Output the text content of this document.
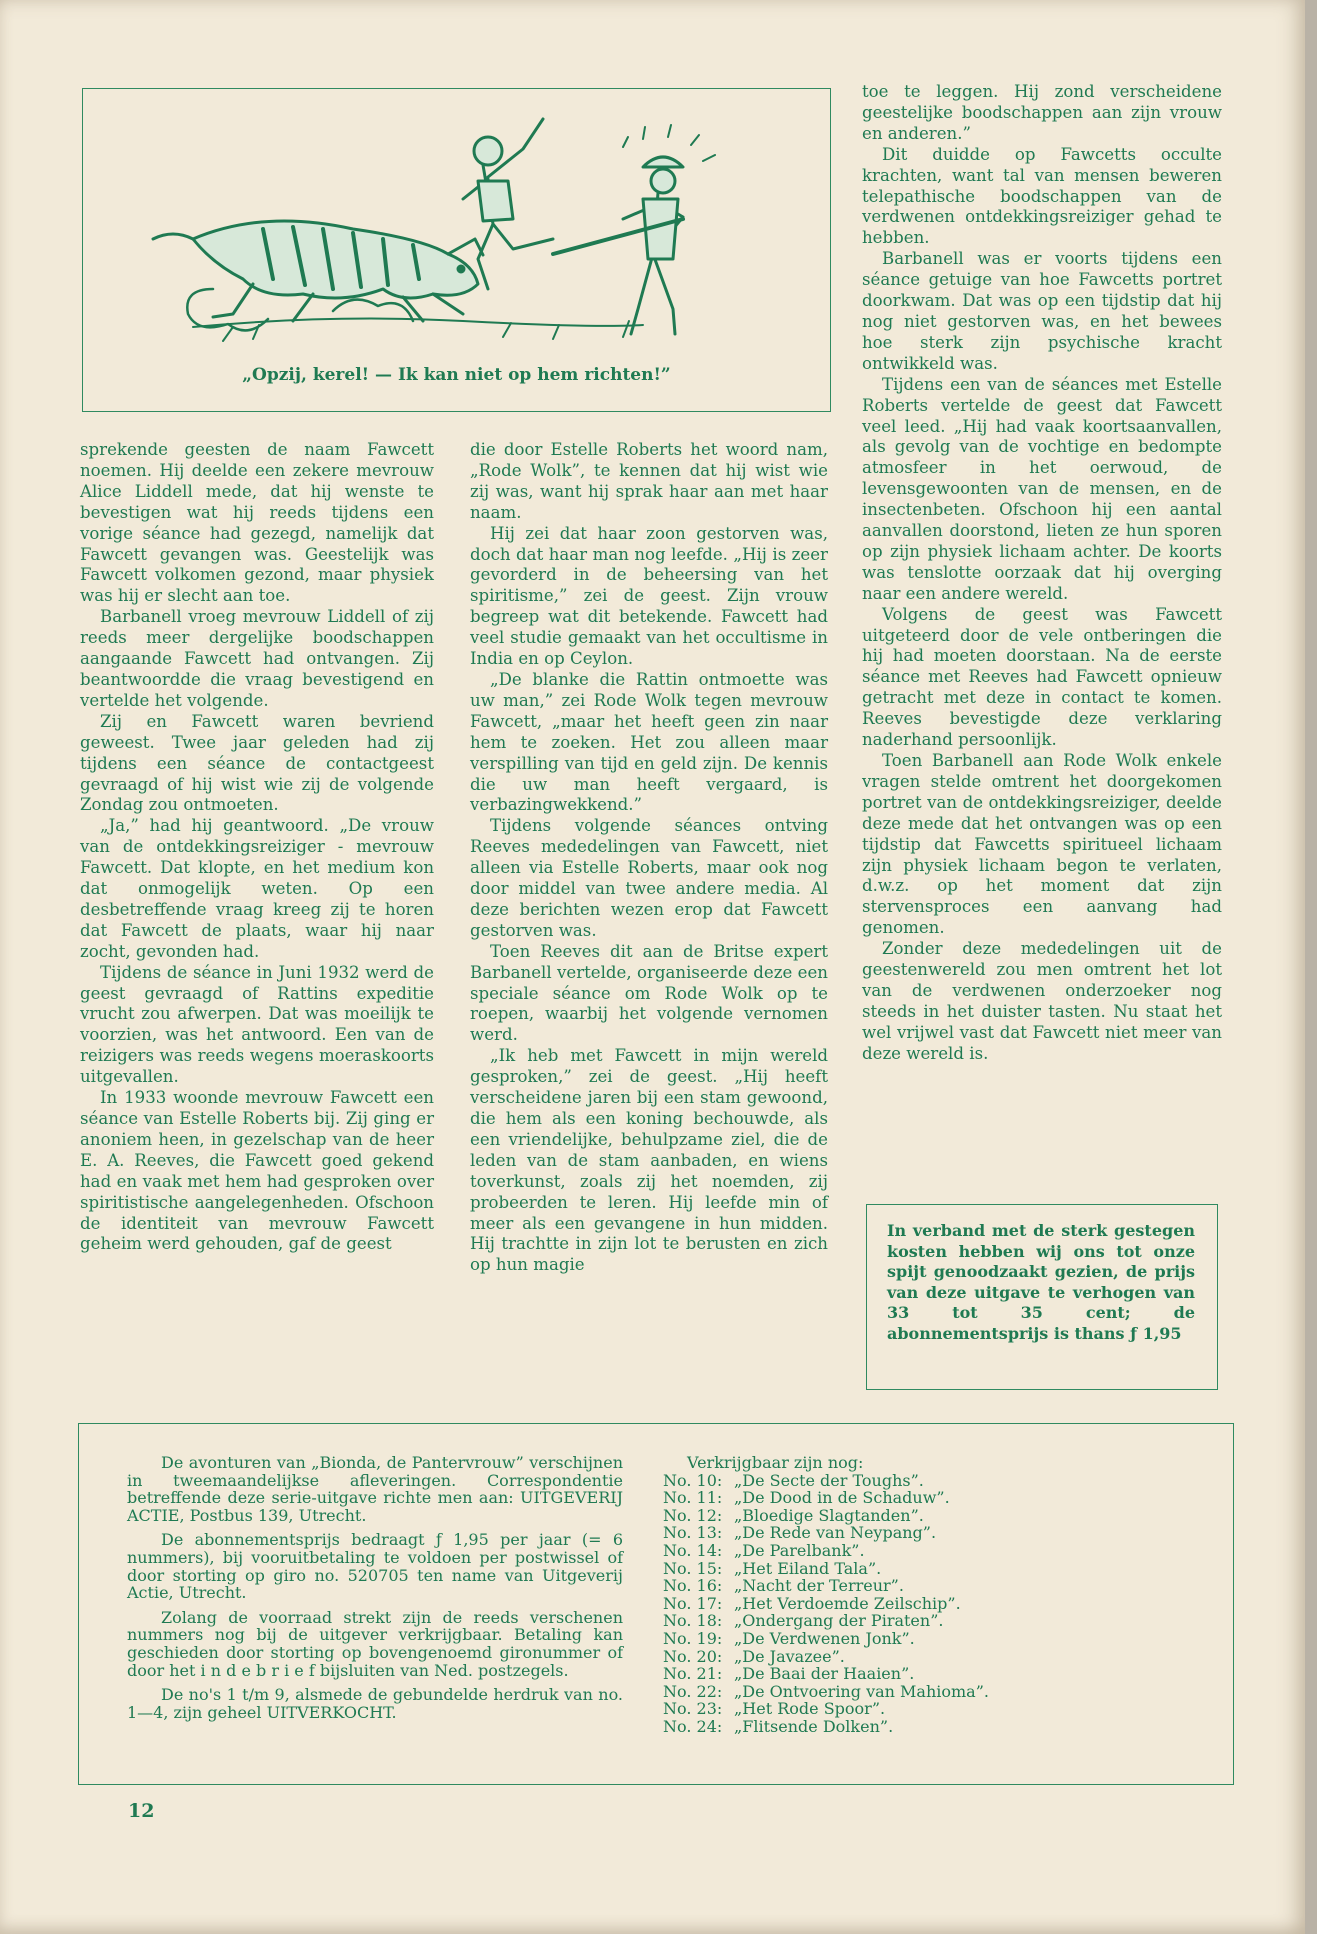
„Opzij, kerel! — Ik kan niet op hem richten!”

sprekende geesten de naam Fawcett noemen. Hij deelde een zekere mevrouw Alice Liddell mede, dat hij wenste te bevestigen wat hij reeds tijdens een vorige séance had gezegd, namelijk dat Fawcett gevangen was. Geestelijk was Fawcett volkomen gezond, maar physiek was hij er slecht aan toe.

Barbanell vroeg mevrouw Liddell of zij reeds meer dergelijke boodschappen aangaande Fawcett had ontvangen. Zij beantwoordde die vraag bevestigend en vertelde het volgende.

Zij en Fawcett waren bevriend geweest. Twee jaar geleden had zij tijdens een séance de contactgeest gevraagd of hij wist wie zij de volgende Zondag zou ontmoeten.

„Ja,” had hij geantwoord. „De vrouw van de ontdekkingsreiziger - mevrouw Fawcett. Dat klopte, en het medium kon dat onmogelijk weten. Op een desbetreffende vraag kreeg zij te horen dat Fawcett de plaats, waar hij naar zocht, gevonden had.

Tijdens de séance in Juni 1932 werd de geest gevraagd of Rattins expeditie vrucht zou afwerpen. Dat was moeilijk te voorzien, was het antwoord. Een van de reizigers was reeds wegens moeraskoorts uitgevallen.

In 1933 woonde mevrouw Fawcett een séance van Estelle Roberts bij. Zij ging er anoniem heen, in gezelschap van de heer E. A. Reeves, die Fawcett goed gekend had en vaak met hem had gesproken over spiritistische aangelegenheden. Ofschoon de identiteit van mevrouw Fawcett geheim werd gehouden, gaf de geest

die door Estelle Roberts het woord nam, „Rode Wolk”, te kennen dat hij wist wie zij was, want hij sprak haar aan met haar naam.

Hij zei dat haar zoon gestorven was, doch dat haar man nog leefde. „Hij is zeer gevorderd in de beheersing van het spiritisme,” zei de geest. Zijn vrouw begreep wat dit betekende. Fawcett had veel studie gemaakt van het occultisme in India en op Ceylon.

„De blanke die Rattin ontmoette was uw man,” zei Rode Wolk tegen mevrouw Fawcett, „maar het heeft geen zin naar hem te zoeken. Het zou alleen maar verspilling van tijd en geld zijn. De kennis die uw man heeft vergaard, is verbazingwekkend.”

Tijdens volgende séances ontving Reeves mededelingen van Fawcett, niet alleen via Estelle Roberts, maar ook nog door middel van twee andere media. Al deze berichten wezen erop dat Fawcett gestorven was.

Toen Reeves dit aan de Britse expert Barbanell vertelde, organiseerde deze een speciale séance om Rode Wolk op te roepen, waarbij het volgende vernomen werd.

„Ik heb met Fawcett in mijn wereld gesproken,” zei de geest. „Hij heeft verscheidene jaren bij een stam gewoond, die hem als een koning bechouwde, als een vriendelijke, behulpzame ziel, die de leden van de stam aanbaden, en wiens toverkunst, zoals zij het noemden, zij probeerden te leren. Hij leefde min of meer als een gevangene in hun midden. Hij trachtte in zijn lot te berusten en zich op hun magie

toe te leggen. Hij zond verscheidene geestelijke boodschappen aan zijn vrouw en anderen.”

Dit duidde op Fawcetts occulte krachten, want tal van mensen beweren telepathische boodschappen van de verdwenen ontdekkingsreiziger gehad te hebben.

Barbanell was er voorts tijdens een séance getuige van hoe Fawcetts portret doorkwam. Dat was op een tijdstip dat hij nog niet gestorven was, en het bewees hoe sterk zijn psychische kracht ontwikkeld was.

Tijdens een van de séances met Estelle Roberts vertelde de geest dat Fawcett veel leed. „Hij had vaak koortsaanvallen, als gevolg van de vochtige en bedompte atmosfeer in het oerwoud, de levensgewoonten van de mensen, en de insectenbeten. Ofschoon hij een aantal aanvallen doorstond, lieten ze hun sporen op zijn physiek lichaam achter. De koorts was tenslotte oorzaak dat hij overging naar een andere wereld.

Volgens de geest was Fawcett uitgeteerd door de vele ontberingen die hij had moeten doorstaan. Na de eerste séance met Reeves had Fawcett opnieuw getracht met deze in contact te komen. Reeves bevestigde deze verklaring naderhand persoonlijk.

Toen Barbanell aan Rode Wolk enkele vragen stelde omtrent het doorgekomen portret van de ontdekkingsreiziger, deelde deze mede dat het ontvangen was op een tijdstip dat Fawcetts spiritueel lichaam zijn physiek lichaam begon te verlaten, d.w.z. op het moment dat zijn stervensproces een aanvang had genomen.

Zonder deze mededelingen uit de geestenwereld zou men omtrent het lot van de verdwenen onderzoeker nog steeds in het duister tasten. Nu staat het wel vrijwel vast dat Fawcett niet meer van deze wereld is.

In verband met de sterk gestegen kosten hebben wij ons tot onze spijt genoodzaakt gezien, de prijs van deze uitgave te verhogen van 33 tot 35 cent; de abonnementsprijs is thans ƒ 1,95

De avonturen van „Bionda, de Pantervrouw” verschijnen in tweemaandelijkse afleveringen. Correspondentie betreffende deze serie-uitgave richte men aan: UITGEVERIJ ACTIE, Postbus 139, Utrecht.

De abonnementsprijs bedraagt ƒ 1,95 per jaar (= 6 nummers), bij vooruitbetaling te voldoen per postwissel of door storting op giro no. 520705 ten name van Uitgeverij Actie, Utrecht.

Zolang de voorraad strekt zijn de reeds verschenen nummers nog bij de uitgever verkrijgbaar. Betaling kan geschieden door storting op bovengenoemd gironummer of door het i n d e b r i e f bijsluiten van Ned. postzegels.

De no's 1 t/m 9, alsmede de gebundelde herdruk van no. 1—4, zijn geheel UITVERKOCHT.

Verkrijgbaar zijn nog:
No. 10: „De Secte der Toughs”.
No. 11: „De Dood in de Schaduw”.
No. 12: „Bloedige Slagtanden”.
No. 13: „De Rede van Neypang”.
No. 14: „De Parelbank”.
No. 15: „Het Eiland Tala”.
No. 16: „Nacht der Terreur”.
No. 17: „Het Verdoemde Zeilschip”.
No. 18: „Ondergang der Piraten”.
No. 19: „De Verdwenen Jonk”.
No. 20: „De Javazee”.
No. 21: „De Baai der Haaien”.
No. 22: „De Ontvoering van Mahioma”.
No. 23: „Het Rode Spoor”.
No. 24: „Flitsende Dolken”.
12
